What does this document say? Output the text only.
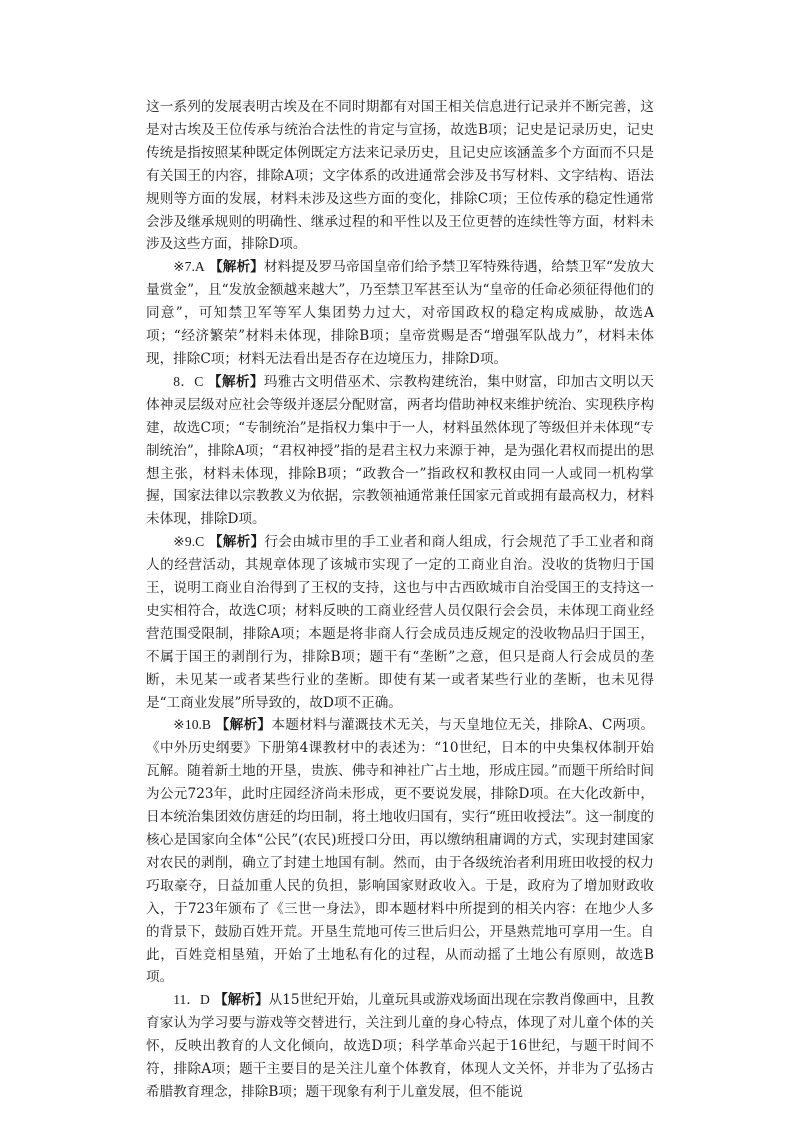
这一系列的发展表明古埃及在不同时期都有对国王相关信息进行记录并不断完善，这是对古埃及王位传承与统治合法性的肯定与宣扬，故选B项；记史是记录历史，记史传统是指按照某种既定体例既定方法来记录历史，且记史应该涵盖多个方面而不只是有关国王的内容，排除A项；文字体系的改进通常会涉及书写材料、文字结构、语法规则等方面的发展，材料未涉及这些方面的变化，排除C项；王位传承的稳定性通常会涉及继承规则的明确性、继承过程的和平性以及王位更替的连续性等方面，材料未涉及这些方面，排除D项。

※7.A 【解析】材料提及罗马帝国皇帝们给予禁卫军特殊待遇，给禁卫军“发放大量赏金”，且“发放金额越来越大”，乃至禁卫军甚至认为“皇帝的任命必须征得他们的同意”，可知禁卫军等军人集团势力过大，对帝国政权的稳定构成威胁，故选A项；“经济繁荣”材料未体现，排除B项；皇帝赏赐是否“增强军队战力”，材料未体现，排除C项；材料无法看出是否存在边境压力，排除D项。

8．C 【解析】玛雅古文明借巫术、宗教构建统治，集中财富，印加古文明以天体神灵层级对应社会等级并逐层分配财富，两者均借助神权来维护统治、实现秩序构建，故选C项；“专制统治”是指权力集中于一人，材料虽然体现了等级但并未体现“专制统治”，排除A项；“君权神授”指的是君主权力来源于神，是为强化君权而提出的思想主张，材料未体现，排除B项；“政教合一”指政权和教权由同一人或同一机构掌握，国家法律以宗教教义为依据，宗教领袖通常兼任国家元首或拥有最高权力，材料未体现，排除D项。

※9.C 【解析】行会由城市里的手工业者和商人组成，行会规范了手工业者和商人的经营活动，其规章体现了该城市实现了一定的工商业自治。没收的货物归于国王，说明工商业自治得到了王权的支持，这也与中古西欧城市自治受国王的支持这一史实相符合，故选C项；材料反映的工商业经营人员仅限行会会员，未体现工商业经营范围受限制，排除A项；本题是将非商人行会成员违反规定的没收物品归于国王，不属于国王的剥削行为，排除B项；题干有“垄断”之意，但只是商人行会成员的垄断，未见某一或者某些行业的垄断。即使有某一或者某些行业的垄断，也未见得是“工商业发展”所导致的，故D项不正确。

※10.B 【解析】本题材料与灌溉技术无关，与天皇地位无关，排除A、C两项。《中外历史纲要》下册第4课教材中的表述为：“10世纪，日本的中央集权体制开始瓦解。随着新土地的开垦，贵族、佛寺和神社广占土地，形成庄园。”而题干所给时间为公元723年，此时庄园经济尚未形成，更不要说发展，排除D项。在大化改新中，日本统治集团效仿唐廷的均田制，将土地收归国有，实行“班田收授法”。这一制度的核心是国家向全体“公民”(农民)班授口分田，再以缴纳租庸调的方式，实现封建国家对农民的剥削，确立了封建土地国有制。然而，由于各级统治者利用班田收授的权力巧取豪夺，日益加重人民的负担，影响国家财政收入。于是，政府为了增加财政收入，于723年颁布了《三世一身法》，即本题材料中所提到的相关内容：在地少人多的背景下，鼓励百姓开荒。开垦生荒地可传三世后归公，开垦熟荒地可享用一生。自此，百姓竞相垦殖，开始了土地私有化的过程，从而动摇了土地公有原则，故选B项。

11．D 【解析】从15世纪开始，儿童玩具或游戏场面出现在宗教肖像画中，且教育家认为学习要与游戏等交替进行，关注到儿童的身心特点，体现了对儿童个体的关怀，反映出教育的人文化倾向，故选D项；科学革命兴起于16世纪，与题干时间不符，排除A项；题干主要目的是关注儿童个体教育，体现人文关怀，并非为了弘扬古希腊教育理念，排除B项；题干现象有利于儿童发展，但不能说
